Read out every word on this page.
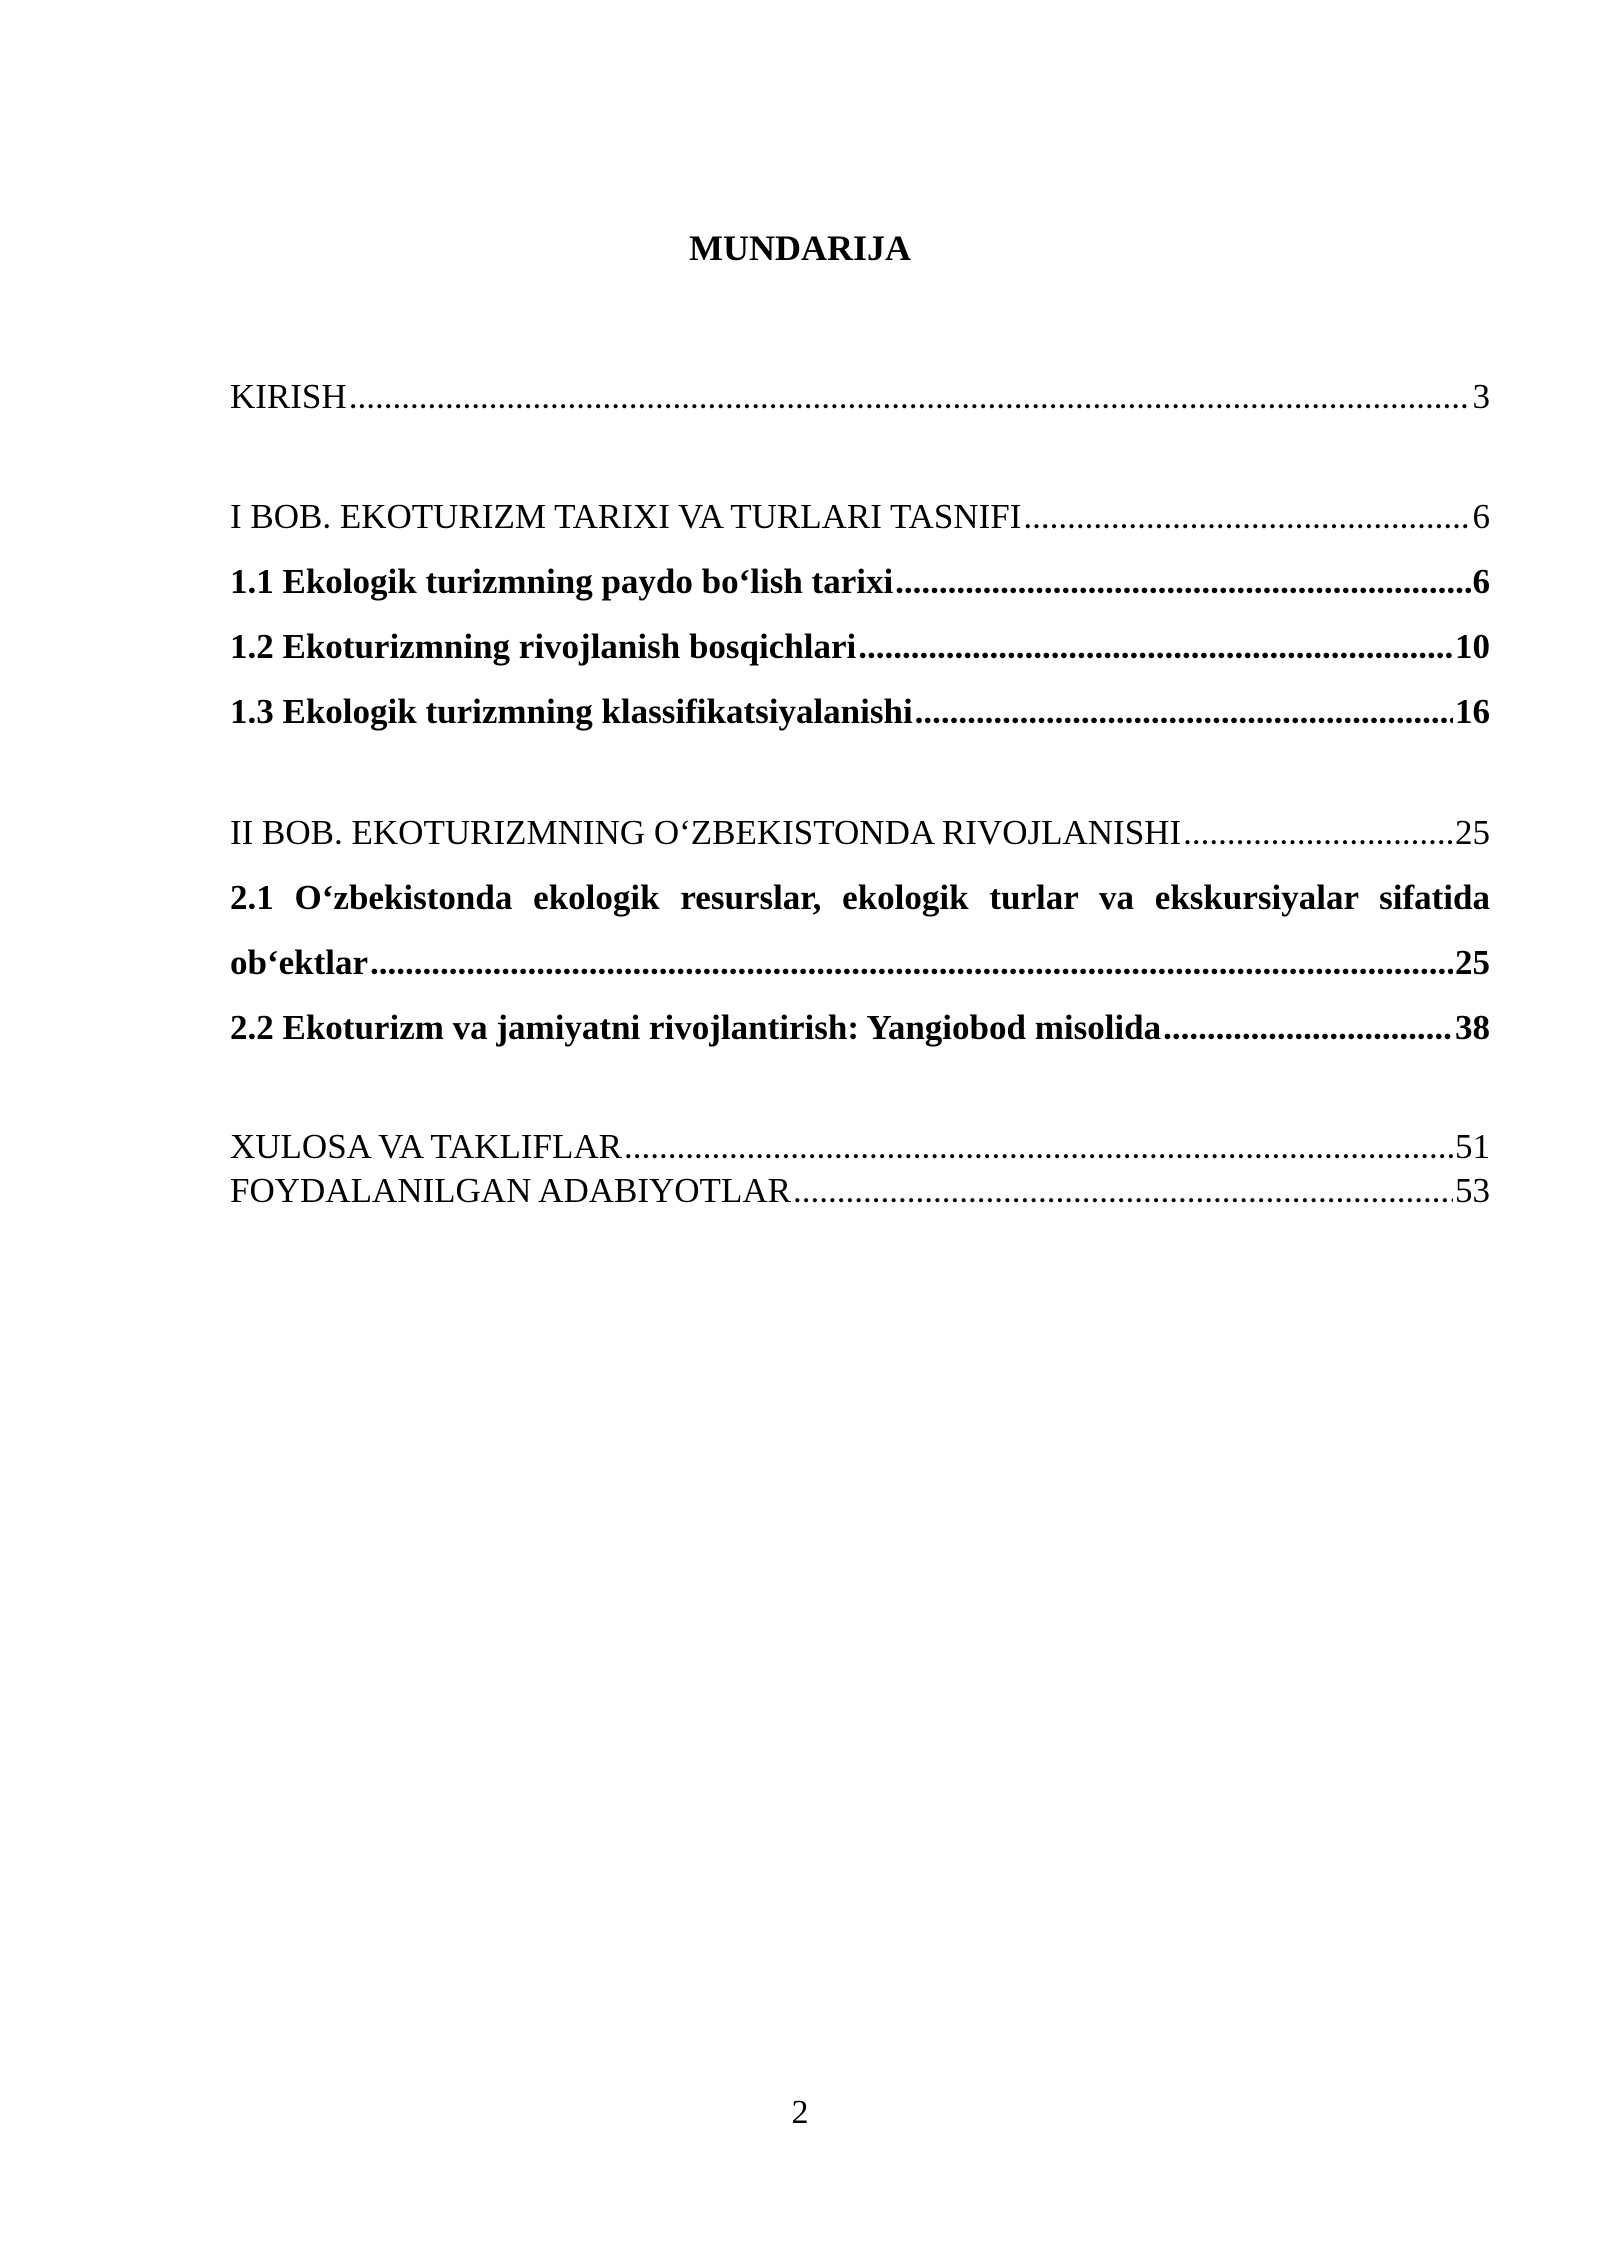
MUNDARIJA
KIRISH .....	3
I BOB. EKOTURIZM TARIXI VA TURLARI TASNIFI .....	6
1.1 Ekologik turizmning paydo bo‘lish tarixi .....	6
1.2 Ekoturizmning rivojlanish bosqichlari .....	10
1.3 Ekologik turizmning klassifikatsiyalanishi .....	16
II BOB. EKOTURIZMNING O‘ZBEKISTONDA RIVOJLANISHI .....	25
2.1 O‘zbekistonda ekologik resurslar, ekologik turlar va ekskursiyalar sifatida
ob‘ektlar .....	25
2.2 Ekoturizm va jamiyatni rivojlantirish: Yangiobod misolida .....	38
XULOSA VA TAKLIFLAR .....	51
FOYDALANILGAN ADABIYOTLAR .....	53
2
